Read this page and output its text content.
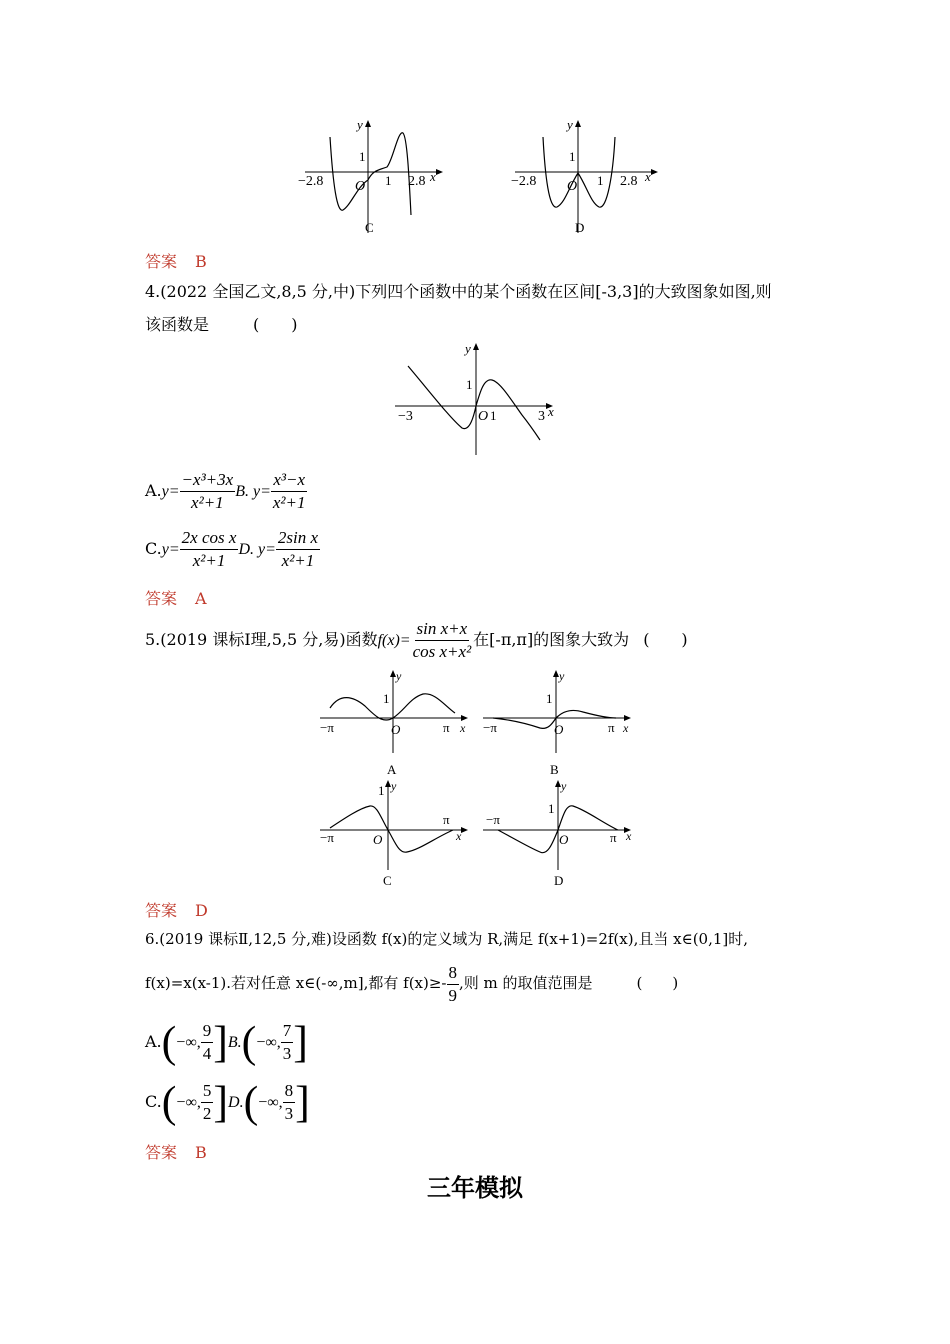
−2.8	2.8
1
1
O
x
y
C
−2.8	2.8
1
1
O
x
y
D
答案 B
4.(2022 全国乙文,8,5 分,中)下列四个函数中的某个函数在区间[-3,3]的大致图象如图,则
该函数是	(　　)
−3	3
1
1
O	x
y
$A.y= \frac{\text{−x³+3x}}{\text{x²+1}} B$. $y= \frac{\text{x³−x}}{\text{x²+1}}$
$C.y= \frac{\text{2x cos x}}{\text{x²+1}} D$. $y= \frac{\text{2sin x}}{\text{x²+1}}$
答案 A
5.(2019 课标Ⅰ理,5,5 分,易)函数$f(x)= \frac{\text{sin x+x}}{\text{cos x+x²}}$ 在[-π,π]的图象大致为 (　　)
−π	π
1
O	x
y
A
−π	π
1
O	x
y
B
−π
π
1
O	x
y
C
−π
π
1
O	x
y
D
答案 D
6.(2019 课标Ⅱ,12,5 分,难)设函数 f(x)的定义域为 R,满足 f(x+1)=2f(x),且当 x∈(0,1]时,
f(x)=x(x-1).若对任意 x∈(-∞,m],都有 $f(x)\ge- \frac{8}{9}$ ,则 m 的取值范围是	(　　)
A.(−∞, $\frac{9}{4} ]B.(-\infty$, $\frac{7}{3}$ ]
C.(−∞, $\frac{5}{2} ]D.(-\infty$, $\frac{8}{3}$ ]
答案 B
三年模拟
